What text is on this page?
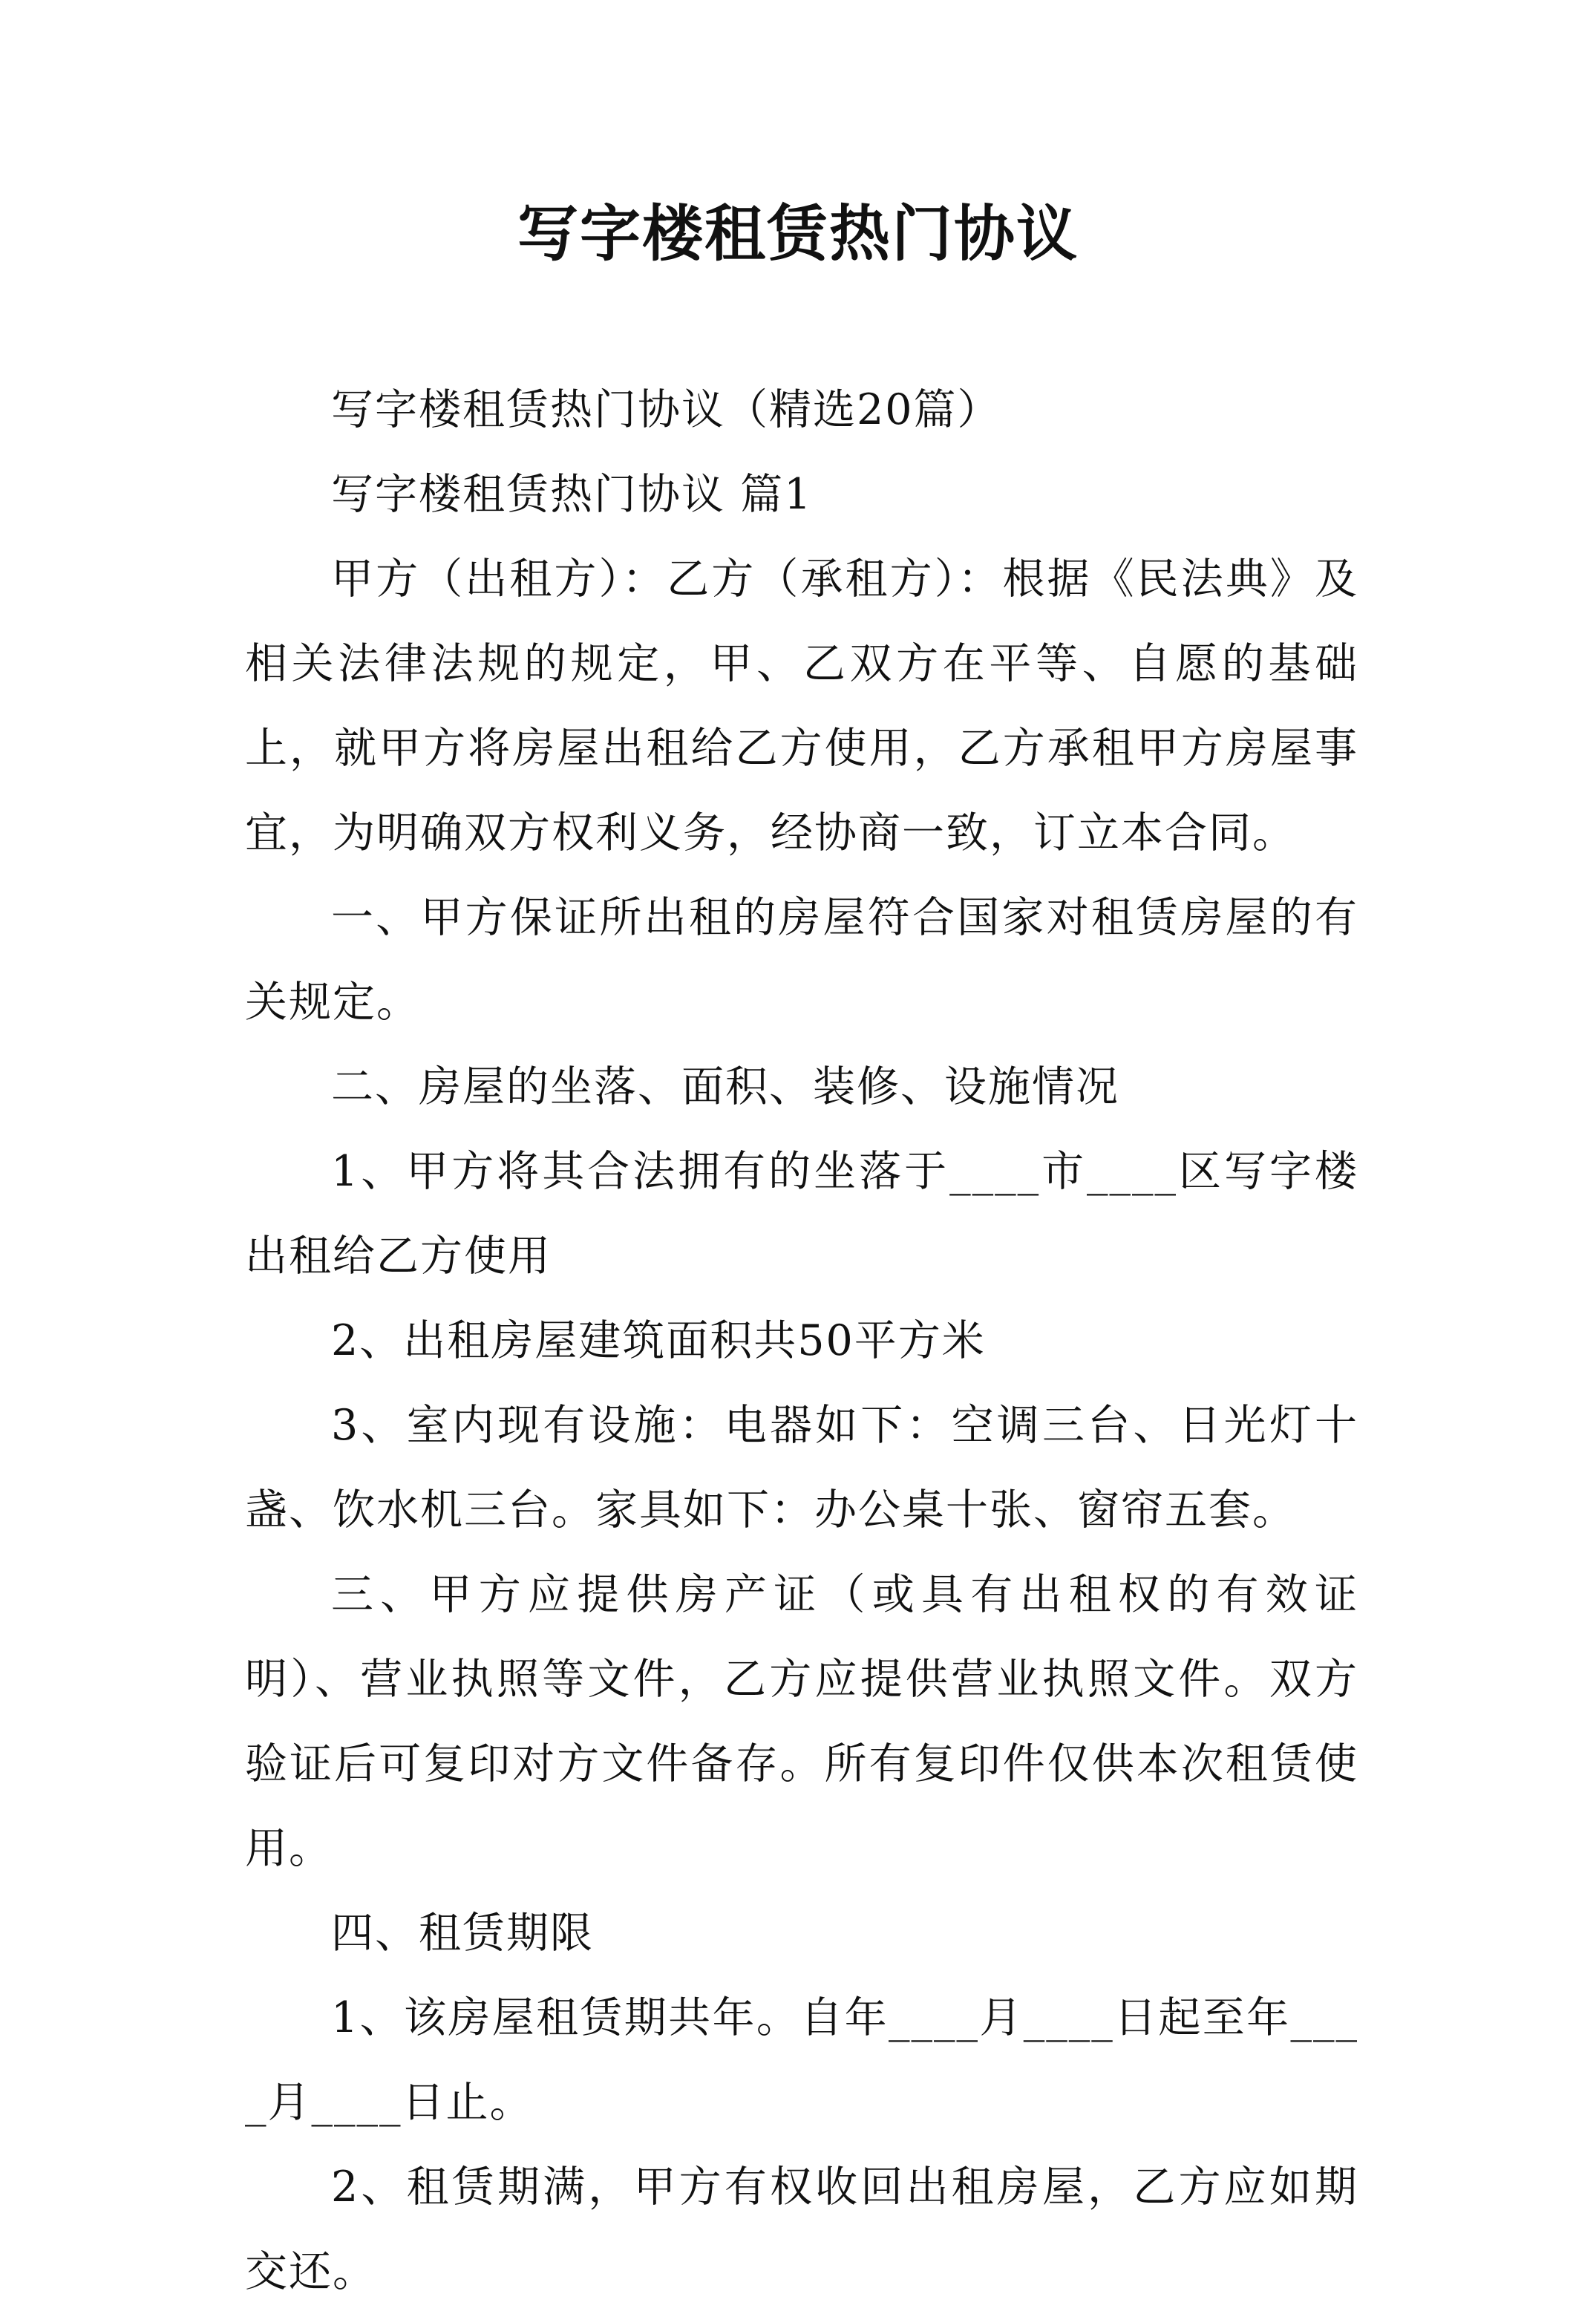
写字楼租赁热门协议

写字楼租赁热门协议（精选20篇）

写字楼租赁热门协议 篇1

甲方（出租方）：乙方（承租方）：根据《民法典》及相关法律法规的规定，甲、乙双方在平等、自愿的基础上，就甲方将房屋出租给乙方使用，乙方承租甲方房屋事宜，为明确双方权利义务，经协商一致，订立本合同。

一、甲方保证所出租的房屋符合国家对租赁房屋的有关规定。

二、房屋的坐落、面积、装修、设施情况

1、甲方将其合法拥有的坐落于____市____区写字楼出租给乙方使用

2、出租房屋建筑面积共50平方米

3、室内现有设施：电器如下：空调三台、日光灯十盏、饮水机三台。家具如下：办公桌十张、窗帘五套。

三、甲方应提供房产证（或具有出租权的有效证明）、营业执照等文件，乙方应提供营业执照文件。双方验证后可复印对方文件备存。所有复印件仅供本次租赁使用。

四、租赁期限

1、该房屋租赁期共年。自年____月____日起至年____月____日止。

2、租赁期满，甲方有权收回出租房屋，乙方应如期交还。
